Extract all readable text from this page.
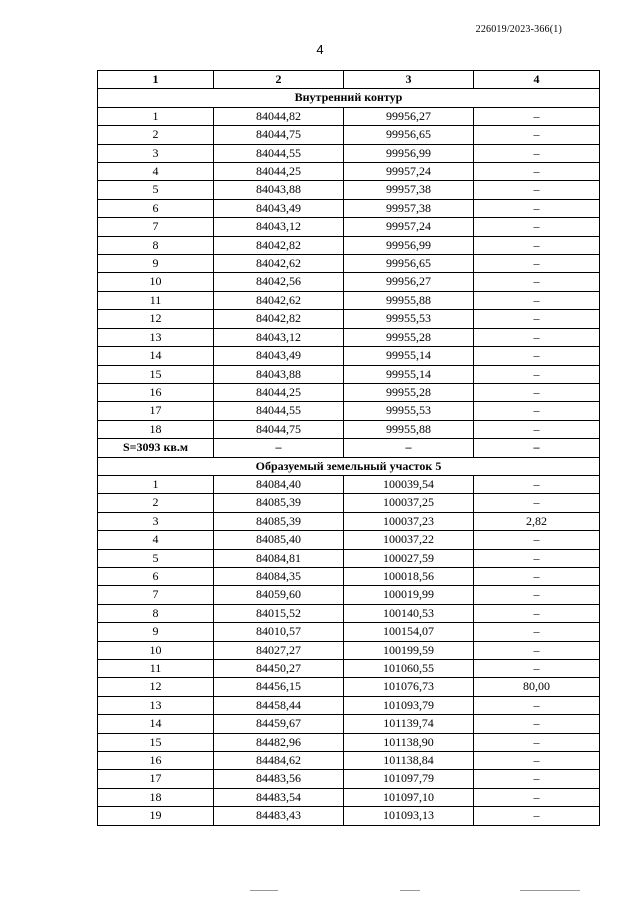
226019/2023-366(1)
4
1	2	3	4
Внутренний контур			
1	84044,82	99956,27	–
2	84044,75	99956,65	–
3	84044,55	99956,99	–
4	84044,25	99957,24	–
5	84043,88	99957,38	–
6	84043,49	99957,38	–
7	84043,12	99957,24	–
8	84042,82	99956,99	–
9	84042,62	99956,65	–
10	84042,56	99956,27	–
11	84042,62	99955,88	–
12	84042,82	99955,53	–
13	84043,12	99955,28	–
14	84043,49	99955,14	–
15	84043,88	99955,14	–
16	84044,25	99955,28	–
17	84044,55	99955,53	–
18	84044,75	99955,88	–
S=3093 кв.м	–	–	–
Образуемый земельный участок 5			
1	84084,40	100039,54	–
2	84085,39	100037,25	–
3	84085,39	100037,23	2,82
4	84085,40	100037,22	–
5	84084,81	100027,59	–
6	84084,35	100018,56	–
7	84059,60	100019,99	–
8	84015,52	100140,53	–
9	84010,57	100154,07	–
10	84027,27	100199,59	–
11	84450,27	101060,55	–
12	84456,15	101076,73	80,00
13	84458,44	101093,79	–
14	84459,67	101139,74	–
15	84482,96	101138,90	–
16	84484,62	101138,84	–
17	84483,56	101097,79	–
18	84483,54	101097,10	–
19	84483,43	101093,13	–
